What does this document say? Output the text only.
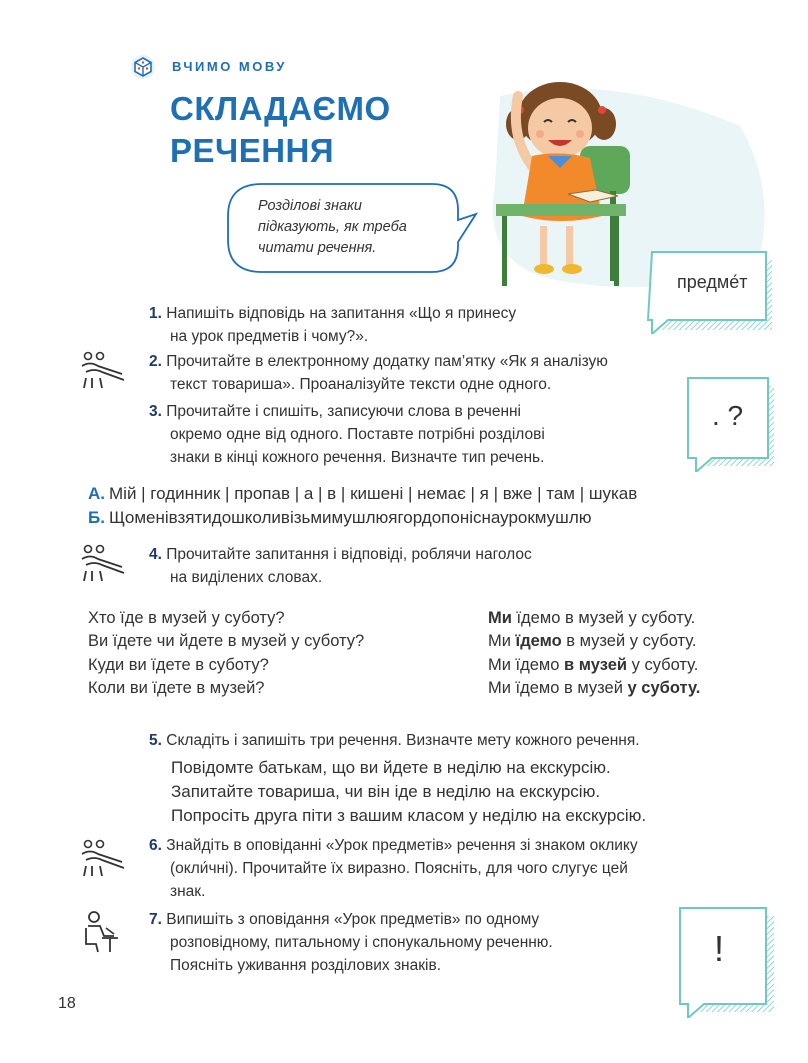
ВЧИМО МОВУ
СКЛАДАЄМО
РЕЧЕННЯ
Розділові знаки
підказують, як треба
читати речення.
предме́т

1. Напишіть відповідь на запитання «Що я принесу

на урок предметів і чому?».

2. Прочитайте в електронному додатку пам’ятку «Як я аналізую

текст товариша». Проаналізуйте тексти одне одного.

3. Прочитайте і спишіть, записуючи слова в реченні

окремо одне від одного. Поставте потрібні розділові

знаки в кінці кожного речення. Визначте тип речень.

. ?
А. Мій | годинник | пропав | а | в | кишені | немає | я | вже | там | шукав
Б. Щоменівзятидошколивізьмимушлюягордопоніснаурокмушлю

4. Прочитайте запитання і відповіді, роблячи наголос

на виділених словах.

Хто їде в музей у суботу?
Ви їдете чи йдете в музей у суботу?
Куди ви їдете в суботу?
Коли ви їдете в музей?
Ми їдемо в музей у суботу.
Ми їдемо в музей у суботу.
Ми їдемо в музей у суботу.
Ми їдемо в музей у суботу.

5. Складіть і запишіть три речення. Визначте мету кожного речення.

Повідомте батькам, що ви йдете в неділю на екскурсію.
Запитайте товариша, чи він іде в неділю на екскурсію.
Попросіть друга піти з вашим класом у неділю на екскурсію.

6. Знайдіть в оповіданні «Урок предметів» речення зі знаком оклику

(окли́чні). Прочитайте їх виразно. Поясніть, для чого слугує цей

знак.

7. Випишіть з оповідання «Урок предметів» по одному

розповідному, питальному і спонукальному реченню.

Поясніть уживання розділових знаків.	!
18
